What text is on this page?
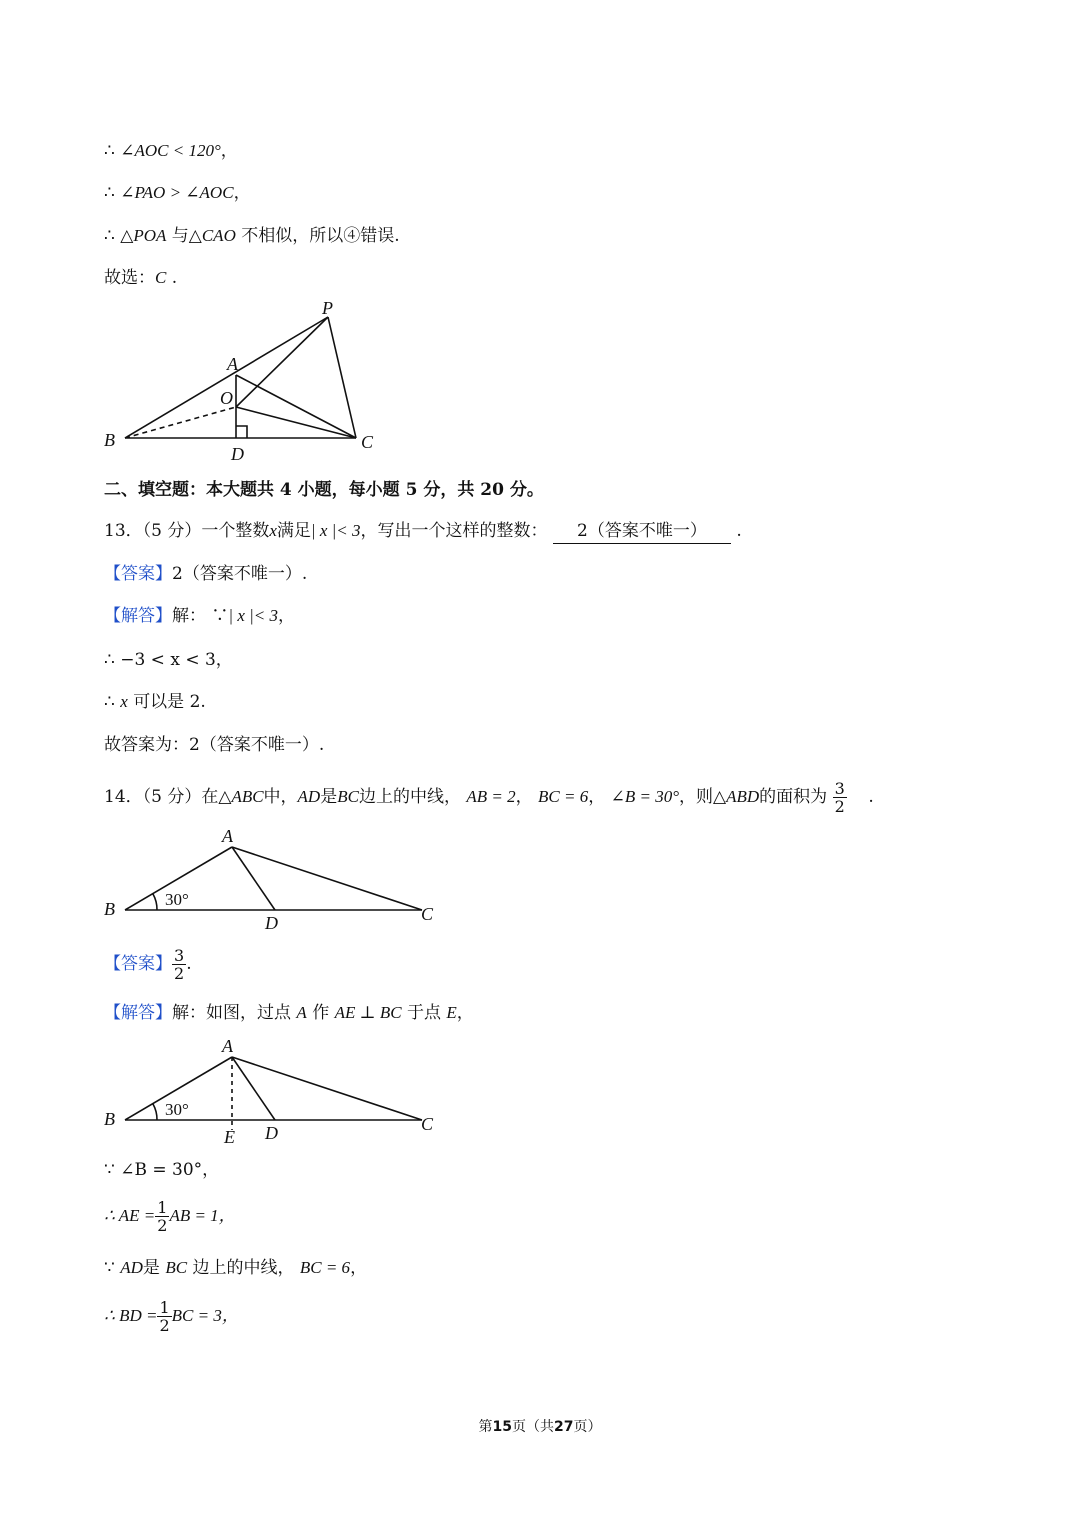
∴ ∠AOC < 120°，
∴ ∠PAO > ∠AOC，
∴ △POA 与△CAO 不相似，所以④错误.
故选：C .
P
A
O
B	C
D
二、填空题：本大题共 4 小题，每小题 5 分，共 20 分。
13．（5 分）一个整数x满足| x |< 3，写出一个这样的整数： 2（答案不唯一） .
【答案】2（答案不唯一）.
【解答】解： ∵| x |< 3，
∴ −3 < x < 3，
∴ x 可以是 2.
故答案为：2（答案不唯一）.
14．（5 分）在△ABC中，AD是BC边上的中线， AB = 2， BC = 6， ∠B = 30°，则△ABD的面积为 $\frac{3}{2}$ .
A
B	C
D
30°
【答案】 $\frac{3}{2}$ .
【解答】解：如图，过点 A 作 AE ⊥ BC 于点 E，
A
B	C
D
E
30°
∵ ∠B = 30°，
∴ AE = $\frac{1}{2}$ AB = 1，
∵ AD是 BC 边上的中线， BC = 6，
∴ BD = $\frac{1}{2}$ BC = 3，
第15页（共27页）
